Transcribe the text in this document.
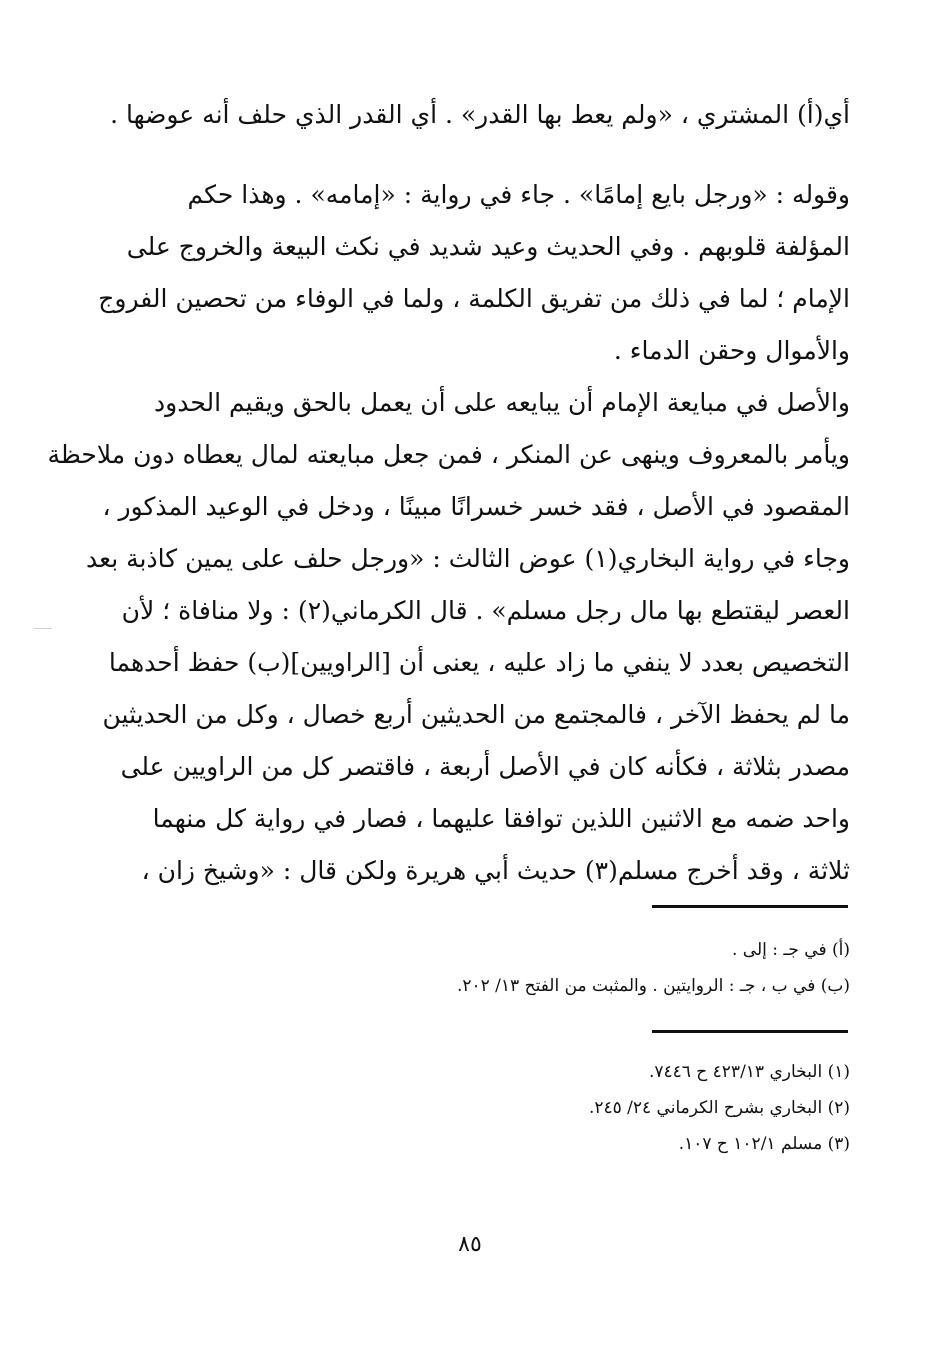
أي(أ) المشتري ، «ولم يعط بها القدر» . أي القدر الذي حلف أنه عوضها .
وقوله : «ورجل بايع إمامًا» . جاء في رواية : «إمامه» . وهذا حكم
المؤلفة قلوبهم . وفي الحديث وعيد شديد في نكث البيعة والخروج على
الإمام ؛ لما في ذلك من تفريق الكلمة ، ولما في الوفاء من تحصين الفروج
والأموال وحقن الدماء .
والأصل في مبايعة الإمام أن يبايعه على أن يعمل بالحق ويقيم الحدود
ويأمر بالمعروف وينهى عن المنكر ، فمن جعل مبايعته لمال يعطاه دون ملاحظة
المقصود في الأصل ، فقد خسر خسرانًا مبينًا ، ودخل في الوعيد المذكور ،
وجاء في رواية البخاري(١) عوض الثالث : «ورجل حلف على يمين كاذبة بعد
العصر ليقتطع بها مال رجل مسلم» . قال الكرماني(٢) : ولا منافاة ؛ لأن
التخصيص بعدد لا ينفي ما زاد عليه ، يعنى أن [الراويين](ب) حفظ أحدهما
ما لم يحفظ الآخر ، فالمجتمع من الحديثين أربع خصال ، وكل من الحديثين
مصدر بثلاثة ، فكأنه كان في الأصل أربعة ، فاقتصر كل من الراويين على
واحد ضمه مع الاثنين اللذين توافقا عليهما ، فصار في رواية كل منهما
ثلاثة ، وقد أخرج مسلم(٣) حديث أبي هريرة ولكن قال : «وشيخ زان ،
(أ) في جـ : إلى .
(ب) في ب ، جـ : الروايتين . والمثبت من الفتح ١٣/ ٢٠٢.
(١) البخاري ٤٢٣/١٣ ح ٧٤٤٦.
(٢) البخاري بشرح الكرماني ٢٤/ ٢٤٥.
(٣) مسلم ١٠٢/١ ح ١٠٧.
٨٥
